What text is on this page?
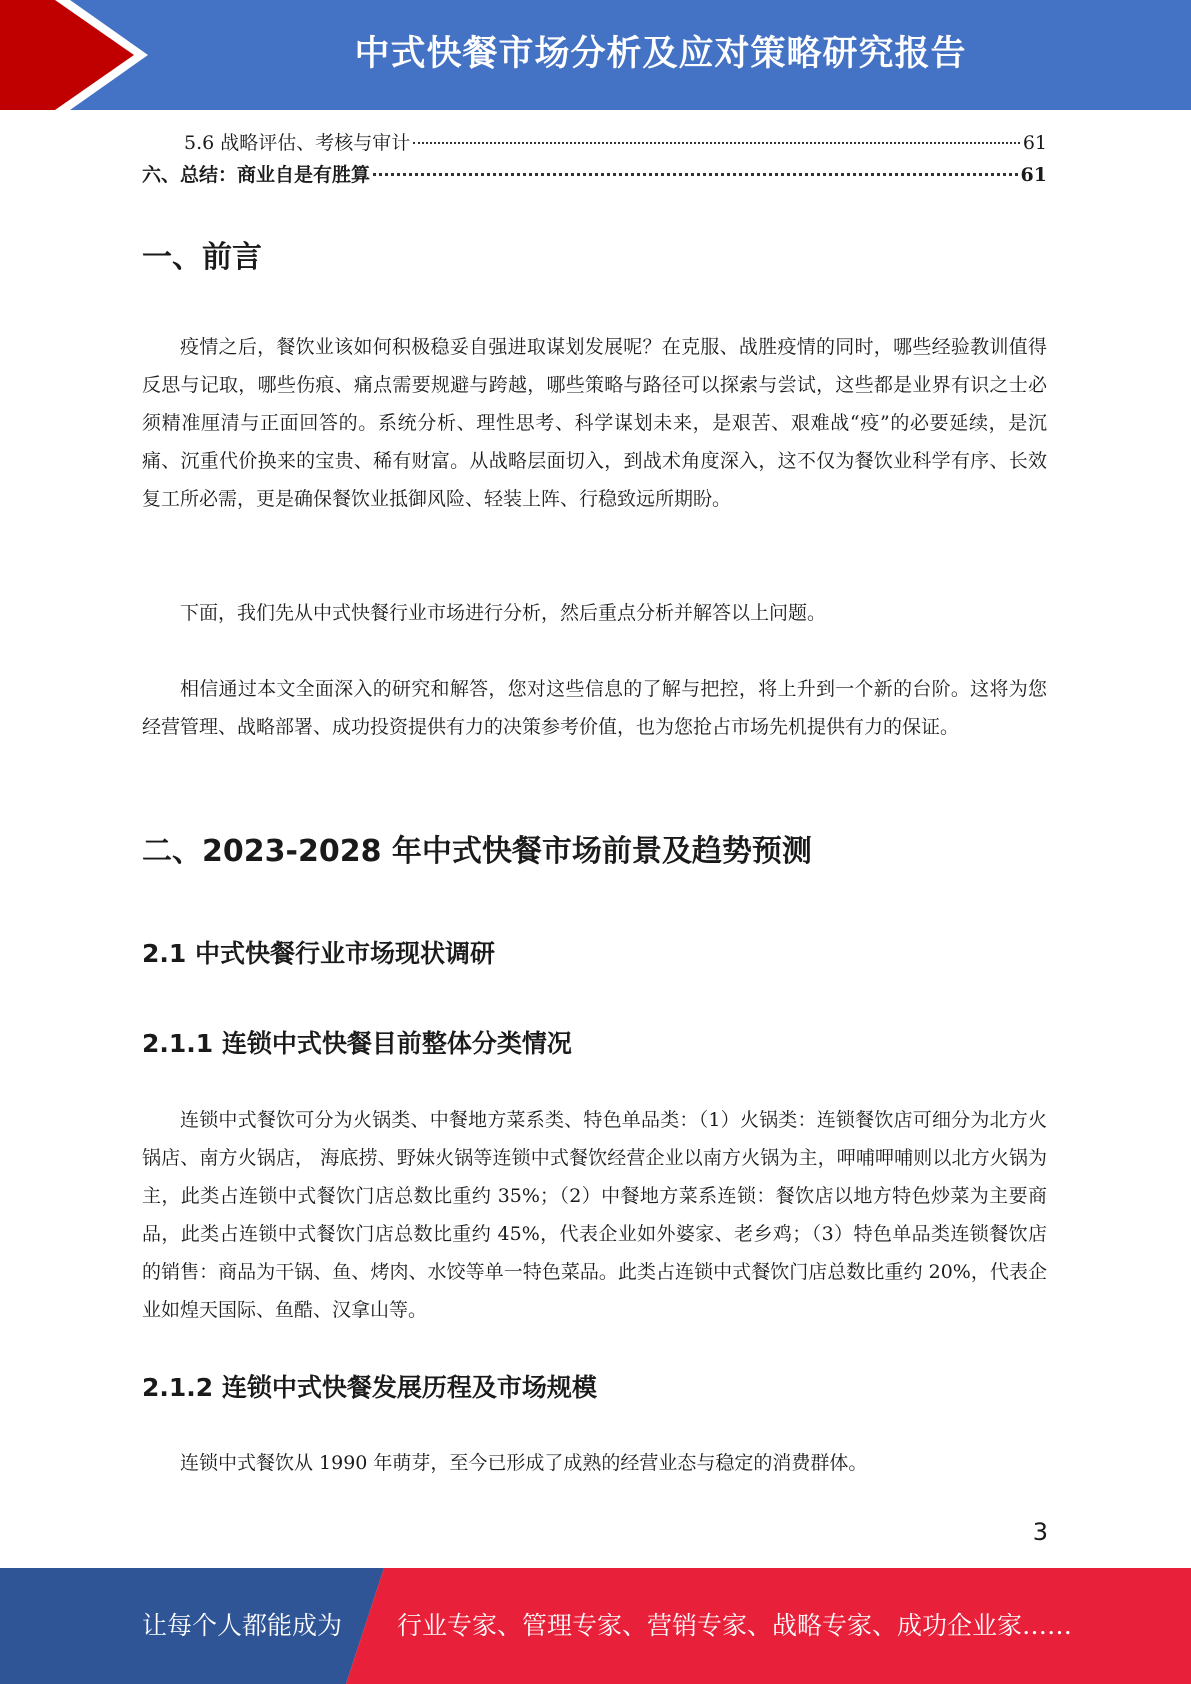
中式快餐市场分析及应对策略研究报告
5.6 战略评估、考核与审计	61
六、总结：商业自是有胜算	61
一、前言

疫情之后，餐饮业该如何积极稳妥自强进取谋划发展呢？在克服、战胜疫情的同时，哪些经验教训值得反思与记取，哪些伤痕、痛点需要规避与跨越，哪些策略与路径可以探索与尝试，这些都是业界有识之士必须精准厘清与正面回答的。系统分析、理性思考、科学谋划未来，是艰苦、艰难战“疫”的必要延续，是沉痛、沉重代价换来的宝贵、稀有财富。从战略层面切入，到战术角度深入，这不仅为餐饮业科学有序、长效复工所必需，更是确保餐饮业抵御风险、轻装上阵、行稳致远所期盼。

下面，我们先从中式快餐行业市场进行分析，然后重点分析并解答以上问题。

相信通过本文全面深入的研究和解答，您对这些信息的了解与把控，将上升到一个新的台阶。这将为您经营管理、战略部署、成功投资提供有力的决策参考价值，也为您抢占市场先机提供有力的保证。

二、2023-2028 年中式快餐市场前景及趋势预测
2.1 中式快餐行业市场现状调研
2.1.1 连锁中式快餐目前整体分类情况

连锁中式餐饮可分为火锅类、中餐地方菜系类、特色单品类：（1）火锅类：连锁餐饮店可细分为北方火锅店、南方火锅店， 海底捞、野妹火锅等连锁中式餐饮经营企业以南方火锅为主，呷哺呷哺则以北方火锅为主，此类占连锁中式餐饮门店总数比重约 35%；（2）中餐地方菜系连锁：餐饮店以地方特色炒菜为主要商品，此类占连锁中式餐饮门店总数比重约 45%，代表企业如外婆家、老乡鸡；（3）特色单品类连锁餐饮店的销售：商品为干锅、鱼、烤肉、水饺等单一特色菜品。此类占连锁中式餐饮门店总数比重约 20%，代表企业如煌天国际、鱼酷、汉拿山等。

2.1.2 连锁中式快餐发展历程及市场规模

连锁中式餐饮从 1990 年萌芽，至今已形成了成熟的经营业态与稳定的消费群体。

3
让每个人都能成为 行业专家、管理专家、营销专家、战略专家、成功企业家……
